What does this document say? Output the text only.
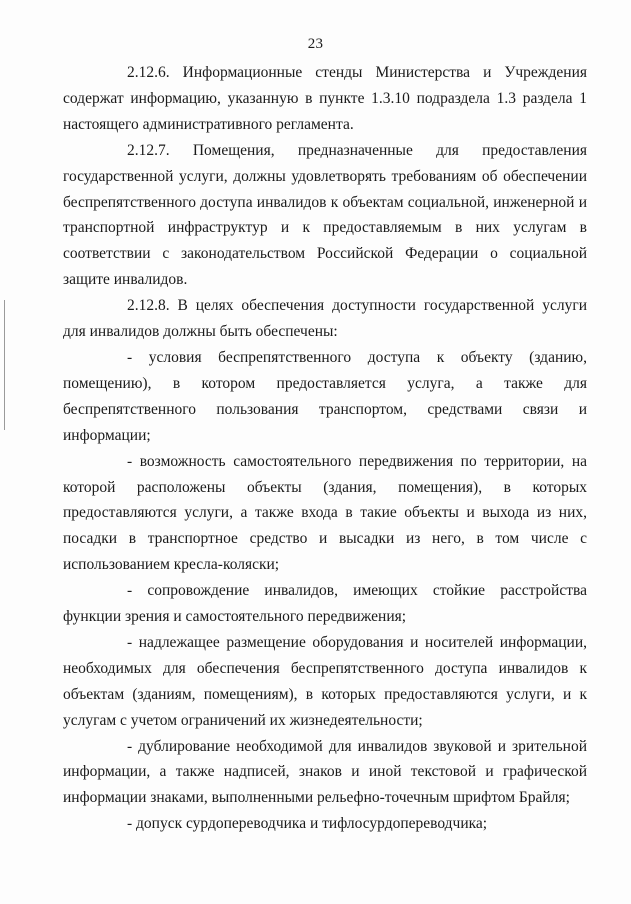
23

2.12.6. Информационные стенды Министерства и Учреждения содержат информацию, указанную в пункте 1.3.10 подраздела 1.3 раздела 1 настоящего административного регламента.

2.12.7. Помещения, предназначенные для предоставления государственной услуги, должны удовлетворять требованиям об обеспечении беспрепятственного доступа инвалидов к объектам социальной, инженерной и транспортной инфраструктур и к предоставляемым в них услугам в соответствии с законодательством Российской Федерации о социальной защите инвалидов.

2.12.8. В целях обеспечения доступности государственной услуги для инвалидов должны быть обеспечены:

- условия беспрепятственного доступа к объекту (зданию, помещению), в котором предоставляется услуга, а также для беспрепятственного пользования транспортом, средствами связи и информации;

- возможность самостоятельного передвижения по территории, на которой расположены объекты (здания, помещения), в которых предоставляются услуги, а также входа в такие объекты и выхода из них, посадки в транспортное средство и высадки из него, в том числе с использованием кресла-коляски;

- сопровождение инвалидов, имеющих стойкие расстройства функции зрения и самостоятельного передвижения;

- надлежащее размещение оборудования и носителей информации, необходимых для обеспечения беспрепятственного доступа инвалидов к объектам (зданиям, помещениям), в которых предоставляются услуги, и к услугам с учетом ограничений их жизнедеятельности;

- дублирование необходимой для инвалидов звуковой и зрительной информации, а также надписей, знаков и иной текстовой и графической информации знаками, выполненными рельефно-точечным шрифтом Брайля;

- допуск сурдопереводчика и тифлосурдопереводчика;
